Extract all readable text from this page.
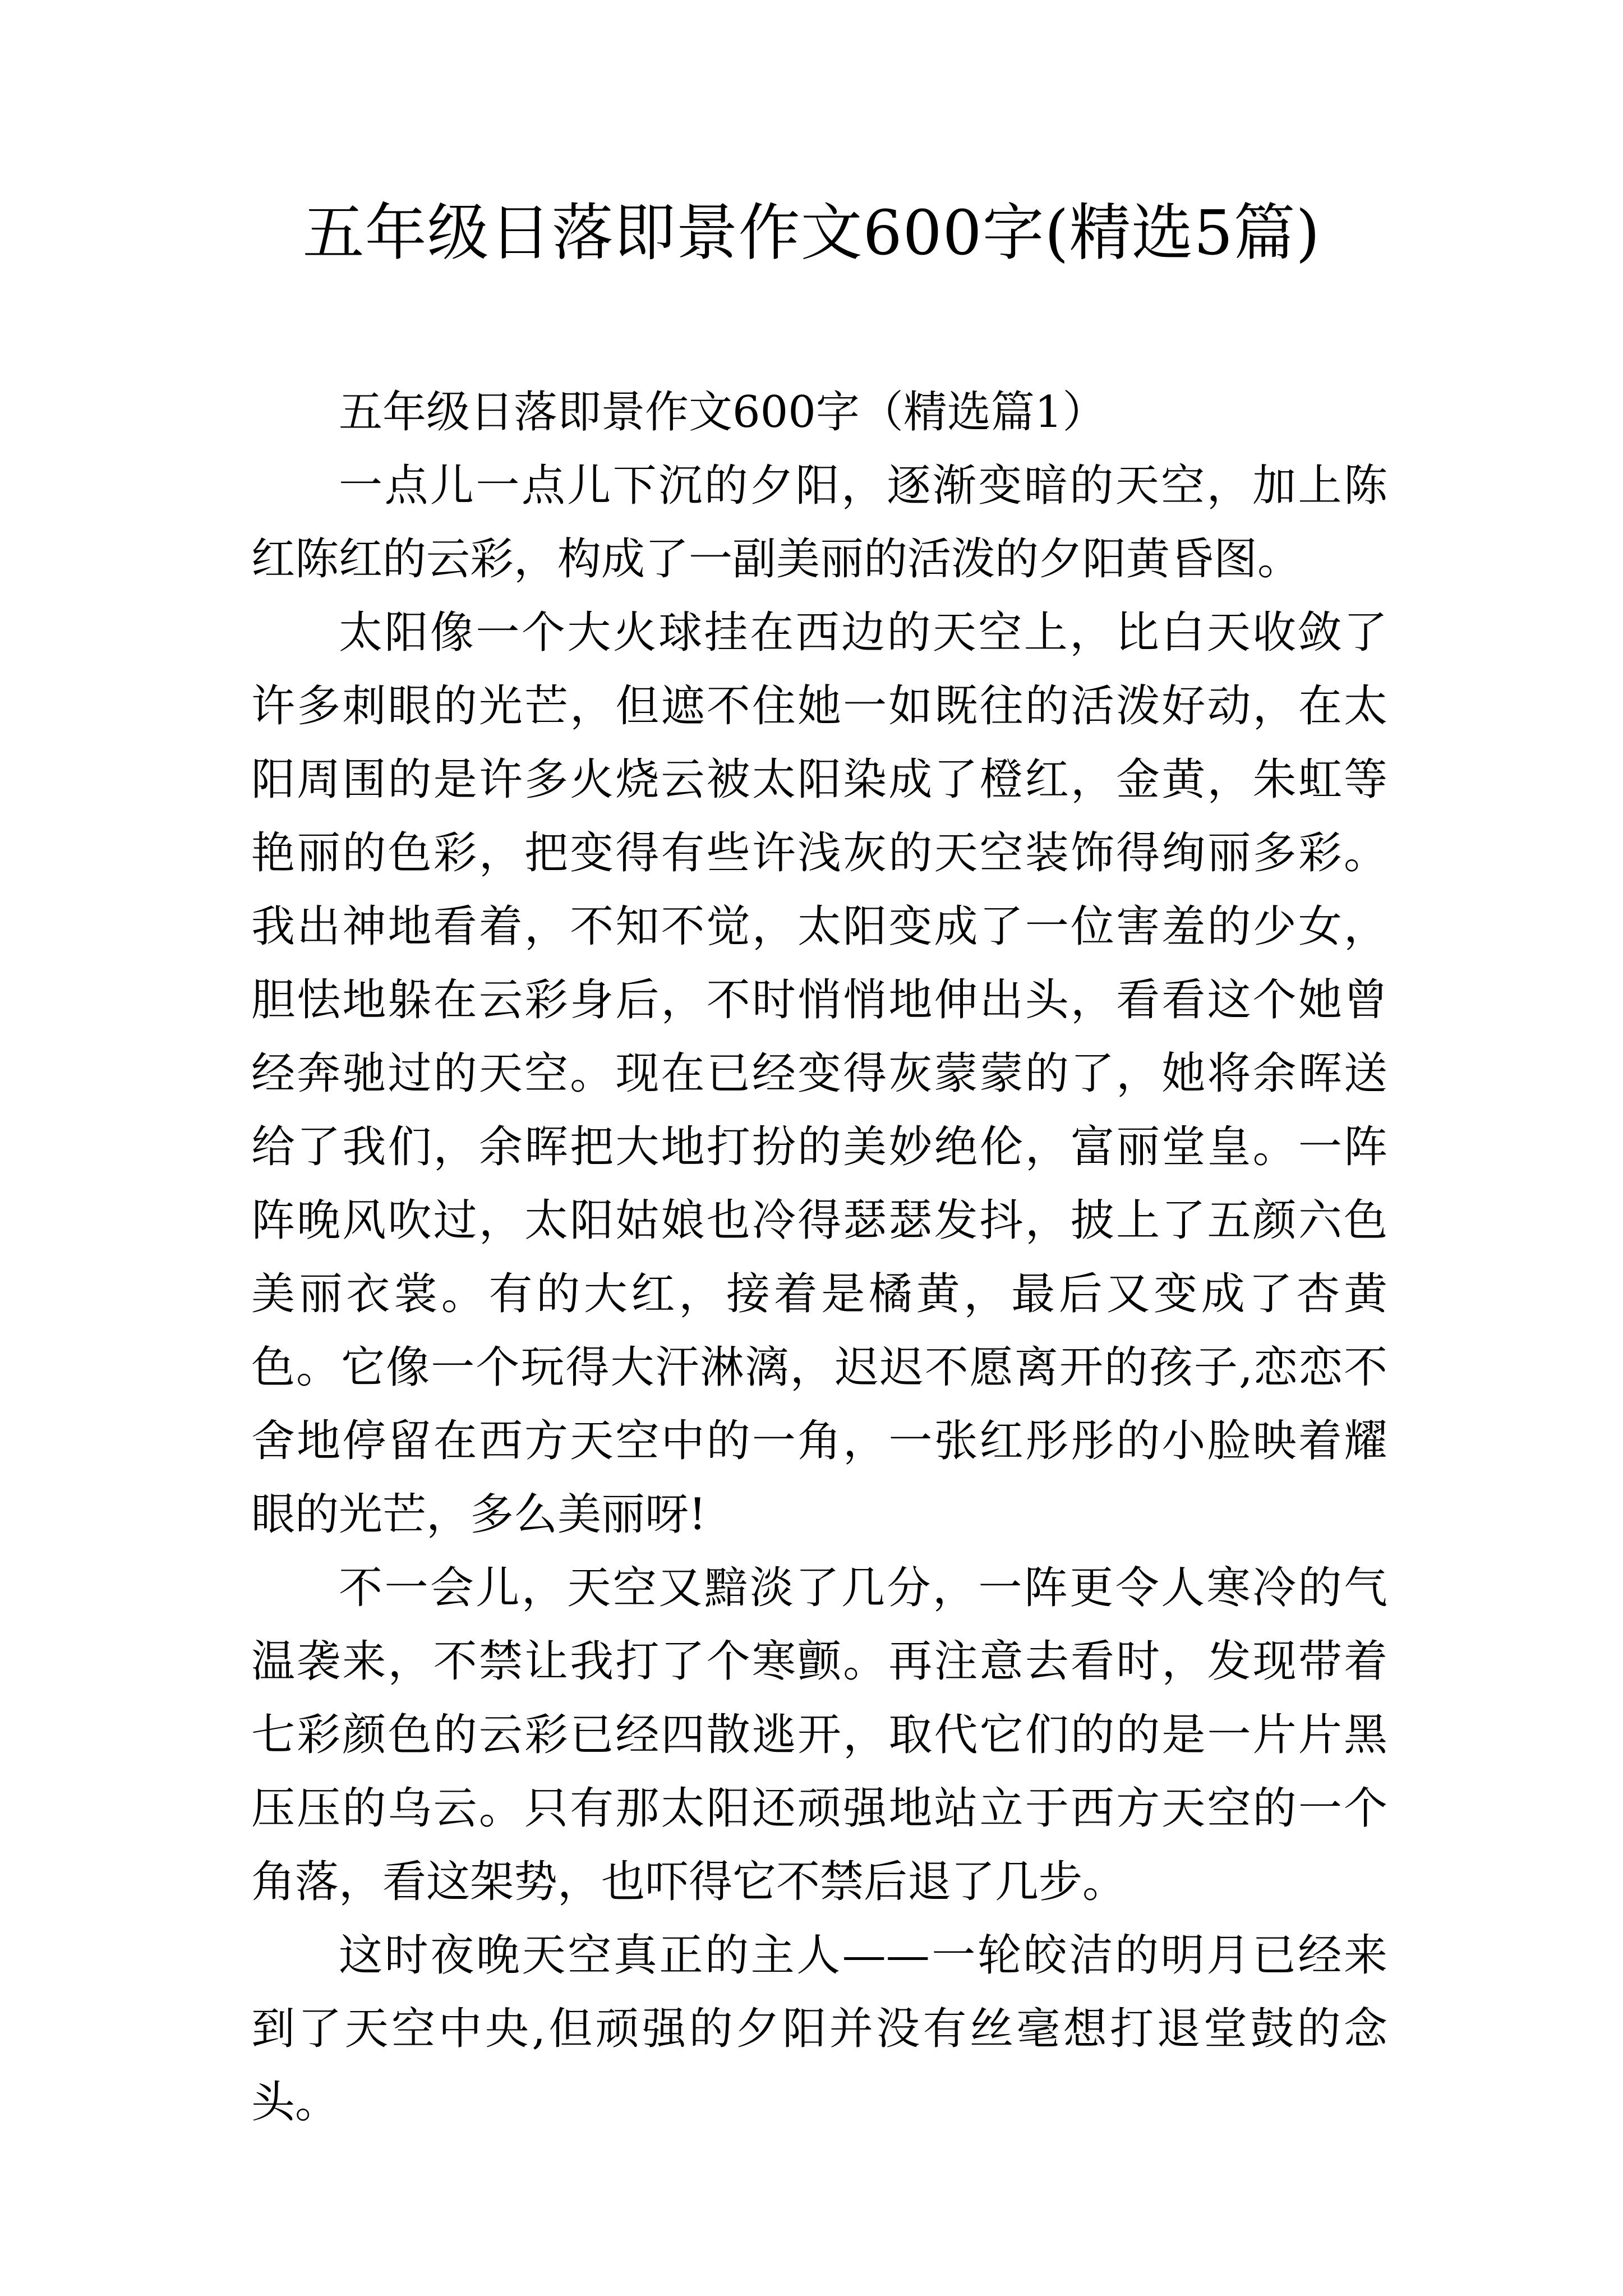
五年级日落即景作文600字(精选5篇)

五年级日落即景作文600字（精选篇1）

一点儿一点儿下沉的夕阳，逐渐变暗的天空，加上陈红陈红的云彩，构成了一副美丽的活泼的夕阳黄昏图。

太阳像一个大火球挂在西边的天空上，比白天收敛了许多刺眼的光芒，但遮不住她一如既往的活泼好动，在太阳周围的是许多火烧云被太阳染成了橙红，金黄，朱虹等艳丽的色彩，把变得有些许浅灰的天空装饰得绚丽多彩。我出神地看着，不知不觉，太阳变成了一位害羞的少女，胆怯地躲在云彩身后，不时悄悄地伸出头，看看这个她曾经奔驰过的天空。现在已经变得灰蒙蒙的了，她将余晖送给了我们，余晖把大地打扮的美妙绝伦，富丽堂皇。一阵阵晚风吹过，太阳姑娘也冷得瑟瑟发抖，披上了五颜六色美丽衣裳。有的大红，接着是橘黄，最后又变成了杏黄色。它像一个玩得大汗淋漓，迟迟不愿离开的孩子,恋恋不舍地停留在西方天空中的一角，一张红彤彤的小脸映着耀眼的光芒，多么美丽呀!

不一会儿，天空又黯淡了几分，一阵更令人寒冷的气温袭来，不禁让我打了个寒颤。再注意去看时，发现带着七彩颜色的云彩已经四散逃开，取代它们的的是一片片黑压压的乌云。只有那太阳还顽强地站立于西方天空的一个角落，看这架势，也吓得它不禁后退了几步。

这时夜晚天空真正的主人——一轮皎洁的明月已经来到了天空中央,但顽强的夕阳并没有丝毫想打退堂鼓的念头。
